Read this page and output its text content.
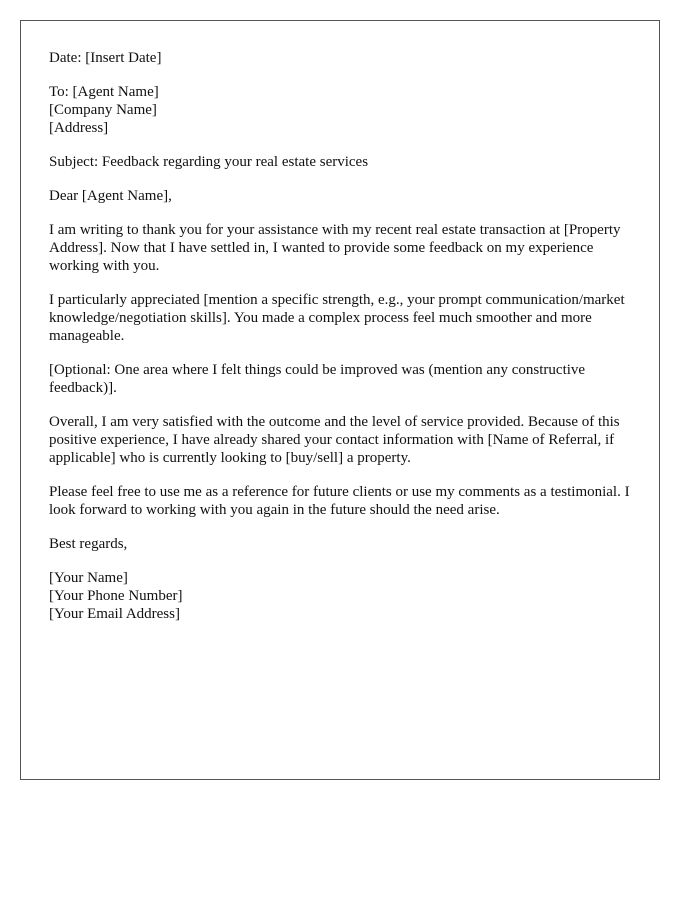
Date: [Insert Date]
To: [Agent Name]
[Company Name]
[Address]
Subject: Feedback regarding your real estate services
Dear [Agent Name],
I am writing to thank you for your assistance with my recent real estate transaction at [Property Address]. Now that I have settled in, I wanted to provide some feedback on my experience working with you.
I particularly appreciated [mention a specific strength, e.g., your prompt communication/market knowledge/negotiation skills]. You made a complex process feel much smoother and more manageable.
[Optional: One area where I felt things could be improved was (mention any constructive feedback)].
Overall, I am very satisfied with the outcome and the level of service provided. Because of this positive experience, I have already shared your contact information with [Name of Referral, if applicable] who is currently looking to [buy/sell] a property.
Please feel free to use me as a reference for future clients or use my comments as a testimonial. I look forward to working with you again in the future should the need arise.
Best regards,
[Your Name]
[Your Phone Number]
[Your Email Address]
